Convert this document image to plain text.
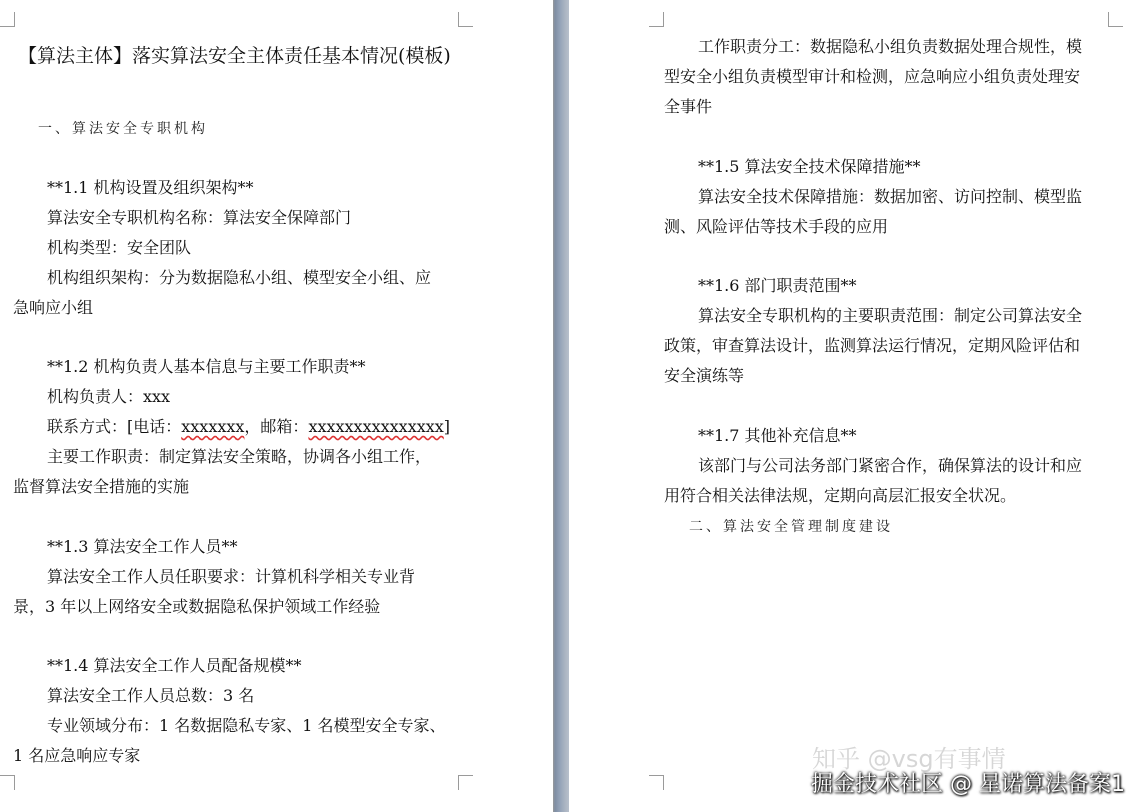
【算法主体】落实算法安全主体责任基本情况(模板)
一、算法安全专职机构
**1.1 机构设置及组织架构**
算法安全专职机构名称：算法安全保障部门
机构类型：安全团队
机构组织架构：分为数据隐私小组、模型安全小组、应
急响应小组
**1.2 机构负责人基本信息与主要工作职责**
机构负责人：xxx
联系方式：[电话：xxxxxxx，邮箱：xxxxxxxxxxxxxxx]
主要工作职责：制定算法安全策略，协调各小组工作，
监督算法安全措施的实施
**1.3 算法安全工作人员**
算法安全工作人员任职要求：计算机科学相关专业背
景，3 年以上网络安全或数据隐私保护领域工作经验
**1.4 算法安全工作人员配备规模**
算法安全工作人员总数：3 名
专业领域分布：1 名数据隐私专家、1 名模型安全专家、
1 名应急响应专家
工作职责分工：数据隐私小组负责数据处理合规性，模
型安全小组负责模型审计和检测，应急响应小组负责处理安
全事件
**1.5 算法安全技术保障措施**
算法安全技术保障措施：数据加密、访问控制、模型监
测、风险评估等技术手段的应用
**1.6 部门职责范围**
算法安全专职机构的主要职责范围：制定公司算法安全
政策，审查算法设计，监测算法运行情况，定期风险评估和
安全演练等
**1.7 其他补充信息**
该部门与公司法务部门紧密合作，确保算法的设计和应
用符合相关法律法规，定期向高层汇报安全状况。
二、算法安全管理制度建设
知乎 @vsg有事情
掘金技术社区 @ 星诺算法备案1
